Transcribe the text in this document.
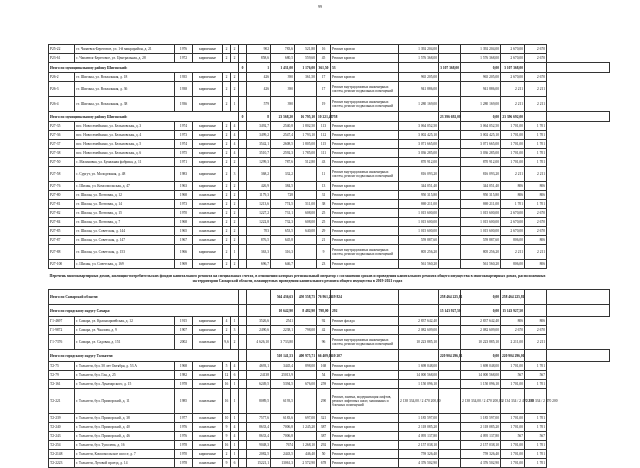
99
P25-22	ст. Чапаевск-Береговое, ул. 1-й микрорайон, д. 21	1976	кирпичные	2	2		902	783,6	521,80	16	Ремонт кровли	1 392 204,00		1 392 204,00	2 670,00	2 670	
P23-61	с. Чапаевск-Береговое, ул. Центральная, д. 28	1972	кирпичные	2	2		858,6	680,5	559,60	45	Ремонт кровли	1 576 368,00		1 576 368,00	2 670,00	2 670	
Итого по муниципальному району Шигонский:						0	1	1 431,00	1 176,00	361,50	53		3 107 368,00	0,00	3 107 368,00		
P26-2	ст. Шигоны, ул. Вокзальная, д. 18	1935	кирпичные	2	2		426	390	361,50	17	Ремонт кровли	965 205,00		965 205,00	2 670,00	2 670	
P26-3	ст. Шигоны, ул. Вокзальная, д. 36	1938	кирпичные	2	2		426	390		17	Ремонт внутридомовых инженерных систем, ремонт подвальных помещений	941 886,00		941 886,00	2 211	2 211	
P26-4	ст. Шигоны, ул. Вокзальная, д. 38	1936	кирпичные	2	1		579	390		19	Ремонт внутридомовых инженерных систем, ремонт подвальных помещений	1 280 169,00		1 280 169,00	2 211	2 211	
Итого по муниципальному району Шигонский:						0	8	23 568,20	16 795,10	10 221,40	758		23 396 692,00	0,00	23 396 692,00		
P27-35	пос. Новосемейкино, ул. Бельмовская, д. 3	1974	кирпичные	2	4		3492,7	2540,8	1 802,50	113	Ремонт кровли	3 064 052,50		3 064 052,50	1 701,00	1 701	
P27-36	пос. Новосемейкино, ул. Бельмовская, д. 4	1973	кирпичные	2	4		3499,2	2547,4	1 793,10	112	Ремонт кровли	3 002 425,10		3 002 425,10	1 701,00	1 701	
P27-37	пос. Новосемейкино, ул. Бельмовская, д. 5	1974	кирпичные	2	4		3542,1	2608,5	1 805,00	115	Ремонт кровли	3 071 665,00		3 071 665,00	1 701,00	1 701	
P27-38	пос. Новосемейкино, ул. Бельмовская, д. 6	1975	кирпичные	2	4		3510,7	2592,3	1 785,00	111	Ремонт кровли	3 036 285,00		3 036 285,00	1 701,00	1 701	
P27-50	с. Малиновка, ул. Бумажная фабрика, д. 11	1971	кирпичные	2	2		1299,3	787,6	512,80	43	Ремонт кровли	870 912,00		870 912,00	1 701,00	1 701	
P27-58	с. Сургут, ул. Молодежная, д. 48	1983	кирпичные	2	3		368,2	332,2		11	Ремонт внутридомовых инженерных систем, ремонт подвальных помещений	816 093,20		816 093,20	2 211	2 211	
P27-76	с. Шилан, ул. Комсомольская, д. 47	1963	кирпичные	2	2		426,9	384,5		13	Ремонт кровли	344 051,40		344 051,40	806	806	
P27-80	ст. Шилан, ул. Почтовая, д. 12	1968	панельные	2	2		1179,3	728		31	Ремонт кровли	950 315,80		950 315,80	806	806	
P27-81	ст. Шилан, ул. Почтовая, д. 14	1973	панельные	2	2		1213,6	774,5	511,00	38	Ремонт кровли	869 211,00		869 211,00	1 701	1 701	
P27-82	ст. Шилан, ул. Почтовая, д. 15	1970	панельные	2	2		1227,2	731,1	608,00	25	Ремонт кровли	1 015 600,00		1 015 600,00	2 670,00	2 670	
P27-84	ст. Шилан, ул. Почтовая, д. 7	1968	панельные	2	2		1222,8	732,3	608,00	25	Ремонт кровли	1 015 600,00		1 015 600,00	2 670,00	2 670	
P27-85	ст. Шилан, ул. Советская, д. 144	1965	панельные	2	2		703	653,5	640,00	29	Ремонт кровли	1 015 600,00		1 015 600,00	2 670,00	2 670	
P27-87	ст. Шилан, ул. Советская, д. 147	1967	панельные	2	2		876,5	645,8		21	Ремонт кровли	559 887,60		559 887,60	806,00	806	
P27-88	ст. Шилан, ул. Советская, д. 153	1966	кирпичные	2	1		363,3	316,3		9	Ремонт внутридомовых инженерных систем, ремонт подвальных помещений	805 256,20		805 256,20	2 211	2 211	
P27-100	с. Шилан, ул. Советская, д. 169	1969	кирпичные	2	2		696,7	646,7		23	Ремонт кровли	561 560,20		561 560,20	806,00	806	
Перечень многоквартирных домов, жилищно-потребительских фондов капитального ремонта на специальных счетах, в отношении которых региональный оператор с соглашения сроков и проведения капитального ремонта общего имущества в многоквартирных домах, расположенных на территории Самарской области, планируемых проведения капитального ремонта общего имущества в 2019-2021 годах																	
Итого по Самарской области:								564 436,63	450 558,75	76 961,26	19 824		258 464 225,81	0,00	258 464 225,81		
Итого по городскому округу Самара:								10 642,90	8 482,90	798,00	292		15 143 927,50	0,00	15 143 927,50		
Г1-4697	г. Самара, ул. Красноармейская, д. 12	1915	кирпичные	4	1		3526,6	2541		92	Ремонт фасада	2 837 642,40		2 837 642,40	806	806	
Г1-9872	г. Самара, ул. Чкалова, д. 9	1907	кирпичные	2	3		2490,6	2238,1	798,00	42	Ремонт кровли	2 082 609,00		2 082 609,00	2 670	2 670	
Г1-7376	г. Самара, ул. Садовая, д. 151	2002	панельные	9,6	2		4 626,10	3 733,80		96	Ремонт внутридомовых инженерных систем, ремонт подвальных помещений	10 223 885,10		10 223 885,10	2 211,00	2 211	
Итого по городскому округу Тольятти:								510 141,53	400 975,71	66 409,06	10 207		220 904 296,01	0,00	220 904 296,01		
Т2-75	г. Тольятти, бул. 50 лет Октября, д. 53 А	1968	кирпичные	5	4		4693,1	3445,4	898,00	168	Ремонт кровли	1 698 048,00		1 698 048,00	1 701,00	1 701	
Т2-79	г. Тольятти, бул. Гая, д. 25	1982	панельные	12	6		24138	25013,9		54	Ремонт лифтов	14 000 568,00		14 000 568,00	567	567	
Т2-161	г. Тольятти, бул. Луначарского, д. 15	1978	панельные	16	1		6249,5	5394,5	676,00	259	Ремонт кровли	1 150 096,10		1 150 096,10	1 701,00	1 701	
Т2-221	г. Тольятти, бул. Приморский, д. 11	1985	панельные	16	1		8089,5	6193,5		290	Ремонт, замена, модернизация лифтов, ремонт лифтовых шахт, машинных и блочных помещений	2 138 334,00 / 2 470 200,00		2 138 334,00 / 2 470 200,00	2 134 334 / 2 470 200	2 138 334 / 2 470 200	
Т2-239	г. Тольятти, бул. Приморский, д. 38	1977	панельные	10	1		7577,6	6183,6	697,00	321	Ремонт кровли	1 185 597,00		1 185 597,00	1 701,00	1 701	
Т2-240	г. Тольятти, бул. Приморский, д. 40	1976	панельные	9	4		8633,4	7006,8	1 245,20	387	Ремонт кровли	2 118 085,20		2 118 085,20	1 701,00	1 701	
Т2-243	г. Тольятти, бул. Приморский, д. 46	1976	панельные	9	4		8633,4	7006,8		387	Ремонт лифтов	4 095 137,80		4 095 137,80	567	567	
Т2-254	г. Тольятти, бул. Туполева, д. 16	1978	панельные	16	1		9048,3	7674	1 268,10	292	Ремонт кровли	2 157 038,10		2 157 038,10	1 701,00	1 701	
Т2-2148	г. Тольятти, Комсомольское шоссе, д. 7	1970	кирпичные	2	1		2082,5	2443,5	446,40	50	Ремонт кровли	759 326,40		759 326,40	1 701,00	1 701	
Т2-2223	г. Тольятти, Луговой проезд, д. 14	1978	панельные	9	6		15221,1	13061,3	2 572,90	678	Ремонт кровли	4 376 502,90		4 376 502,90	1 701,00	1 701	
